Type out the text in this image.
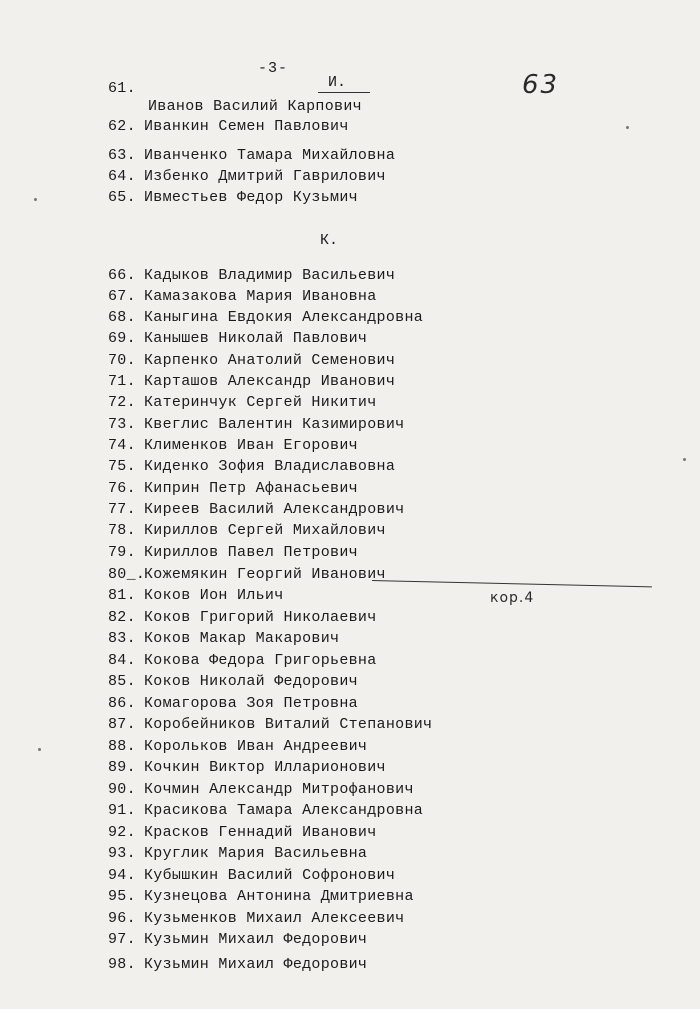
-3-
63
И.
61.
Иванов Василий Карпович
62. Иванкин Семен Павлович
63. Иванченко Тамара Михайловна
64. Избенко Дмитрий Гаврилович
65. Ивместьев Федор Кузьмич
К.
66. Кадыков Владимир Васильевич
67. Камазакова Мария Ивановна
68. Каныгина Евдокия Александровна
69. Канышев Николай Павлович
70. Карпенко Анатолий Семенович
71. Карташов Александр Иванович
72. Катеринчук Сергей Никитич
73. Квеглис Валентин Казимирович
74. Клименков Иван Егорович
75. Киденко Зофия Владиславовна
76. Киприн Петр Афанасьевич
77. Киреев Василий Александрович
78. Кириллов Сергей Михайлович
79. Кириллов Павел Петрович
80_.Кожемякин Георгий Иванович
кор.4
81. Коков Ион Ильич
82. Коков Григорий Николаевич
83. Коков Макар Макарович
84. Кокова Федора Григорьевна
85. Коков Николай Федорович
86. Комагорова Зоя Петровна
87. Коробейников Виталий Степанович
88. Корольков Иван Андреевич
89. Кочкин Виктор Илларионович
90. Кочмин Александр Митрофанович
91. Красикова Тамара Александровна
92. Красков Геннадий Иванович
93. Круглик Мария Васильевна
94. Кубышкин Василий Софронович
95. Кузнецова Антонина Дмитриевна
96. Кузьменков Михаил Алексеевич
97. Кузьмин Михаил Федорович
98. Кузьмин Михаил Федорович
